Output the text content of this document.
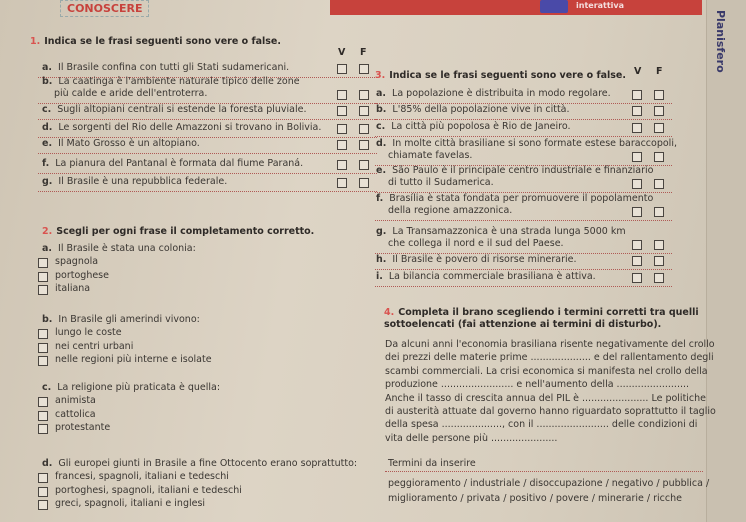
interattiva
CONOSCERE
Planisfero
1. Indica se le frasi seguenti sono vere o false.
V F
a. Il Brasile confina con tutti gli Stati sudamericani.
b. La caatinga è l'ambiente naturale tipico delle zone
più calde e aride dell'entroterra.
c. Sugli altopiani centrali si estende la foresta pluviale.
d. Le sorgenti del Rio delle Amazzoni si trovano in Bolivia.
e. Il Mato Grosso è un altopiano.
f. La pianura del Pantanal è formata dal fiume Paraná.
g. Il Brasile è una repubblica federale.
2. Scegli per ogni frase il completamento corretto.
a. Il Brasile è stata una colonia:
spagnola
portoghese
italiana
b. In Brasile gli amerindi vivono:
lungo le coste
nei centri urbani
nelle regioni più interne e isolate
c. La religione più praticata è quella:
animista
cattolica
protestante
d. Gli europei giunti in Brasile a fine Ottocento erano soprattutto:
francesi, spagnoli, italiani e tedeschi
portoghesi, spagnoli, italiani e tedeschi
greci, spagnoli, italiani e inglesi
3. Indica se le frasi seguenti sono vere o false. V F
a. La popolazione è distribuita in modo regolare.
b. L'85% della popolazione vive in città.
c. La città più popolosa è Rio de Janeiro.
d. In molte città brasiliane si sono formate estese baraccopoli,
chiamate favelas.
e. São Paulo è il principale centro industriale e finanziario
di tutto il Sudamerica.
f. Brasília è stata fondata per promuovere il popolamento
della regione amazzonica.
g. La Transamazzonica è una strada lunga 5000 km
che collega il nord e il sud del Paese.
h. Il Brasile è povero di risorse minerarie.
i. La bilancia commerciale brasiliana è attiva.
4. Completa il brano scegliendo i termini corretti tra quelli
sottoelencati (fai attenzione ai termini di disturbo).
Da alcuni anni l'economia brasiliana risente negativamente del crollo
dei prezzi delle materie prime .................... e del rallentamento degli
scambi commerciali. La crisi economica si manifesta nel crollo della
produzione ........................ e nell'aumento della ........................
Anche il tasso di crescita annua del PIL è ...................... Le politiche
di austerità attuate dal governo hanno riguardato soprattutto il taglio
della spesa ...................., con il ........................ delle condizioni di
vita delle persone più ......................
Termini da inserire
peggioramento / industriale / disoccupazione / negativo / pubblica /
miglioramento / privata / positivo / povere / minerarie / ricche
